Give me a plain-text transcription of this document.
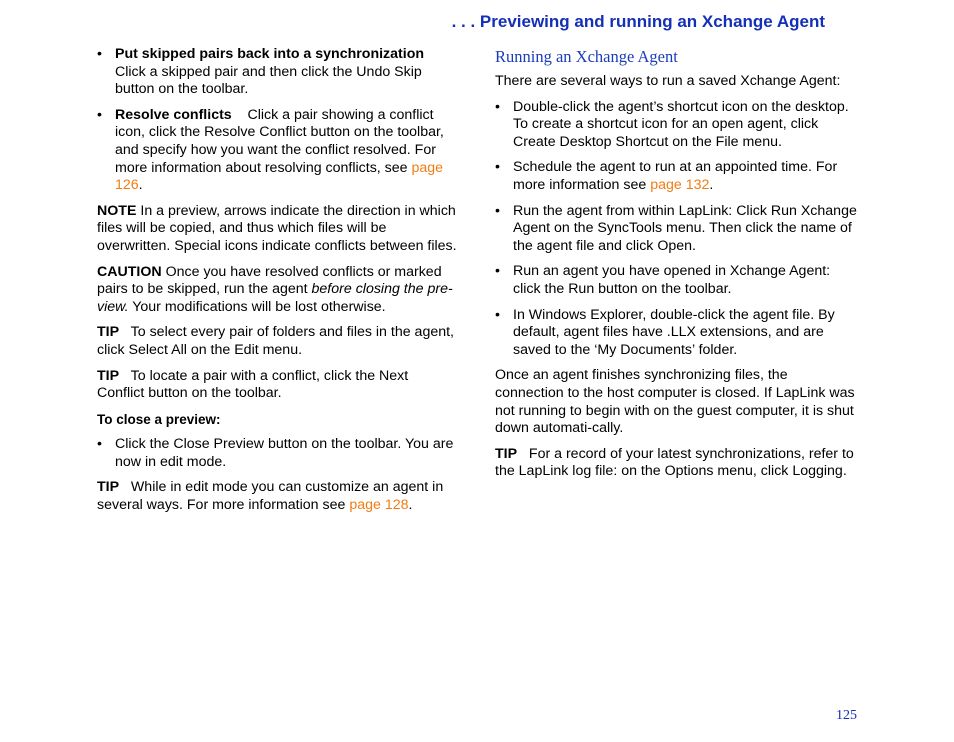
. . . Previewing and running an Xchange Agent
• Put skipped pairs back into a synchronization    Click a skipped pair and then click the Undo Skip button on the toolbar.
• Resolve conflicts Click a pair showing a conflict icon, click the Resolve Conflict button on the toolbar, and specify how you want the conflict resolved. For more information about resolving conflicts, see page 126.

NOTE In a preview, arrows indicate the direction in which files will be copied, and thus which files will be overwritten. Special icons indicate conflicts between files.

CAUTION Once you have resolved conflicts or marked pairs to be skipped, run the agent before closing the pre-view. Your modifications will be lost otherwise.

TIP To select every pair of folders and files in the agent, click Select All on the Edit menu.

TIP To locate a pair with a conflict, click the Next Conflict button on the toolbar.

To close a preview:

• Click the Close Preview button on the toolbar. You are now in edit mode.

TIP While in edit mode you can customize an agent in several ways. For more information see page 128.

Running an Xchange Agent

There are several ways to run a saved Xchange Agent:

• Double-click the agent’s shortcut icon on the desktop. To create a shortcut icon for an open agent, click Create Desktop Shortcut on the File menu.
• Schedule the agent to run at an appointed time. For more information see page 132.
• Run the agent from within LapLink: Click Run Xchange Agent on the SyncTools menu. Then click the name of the agent file and click Open.
• Run an agent you have opened in Xchange Agent: click the Run button on the toolbar.
• In Windows Explorer, double-click the agent file. By default, agent files have .LLX extensions, and are saved to the ‘My Documents’ folder.

Once an agent finishes synchronizing files, the connection to the host computer is closed. If LapLink was not running to begin with on the guest computer, it is shut down automati-cally.

TIP For a record of your latest synchronizations, refer to the LapLink log file: on the Options menu, click Logging.

125
